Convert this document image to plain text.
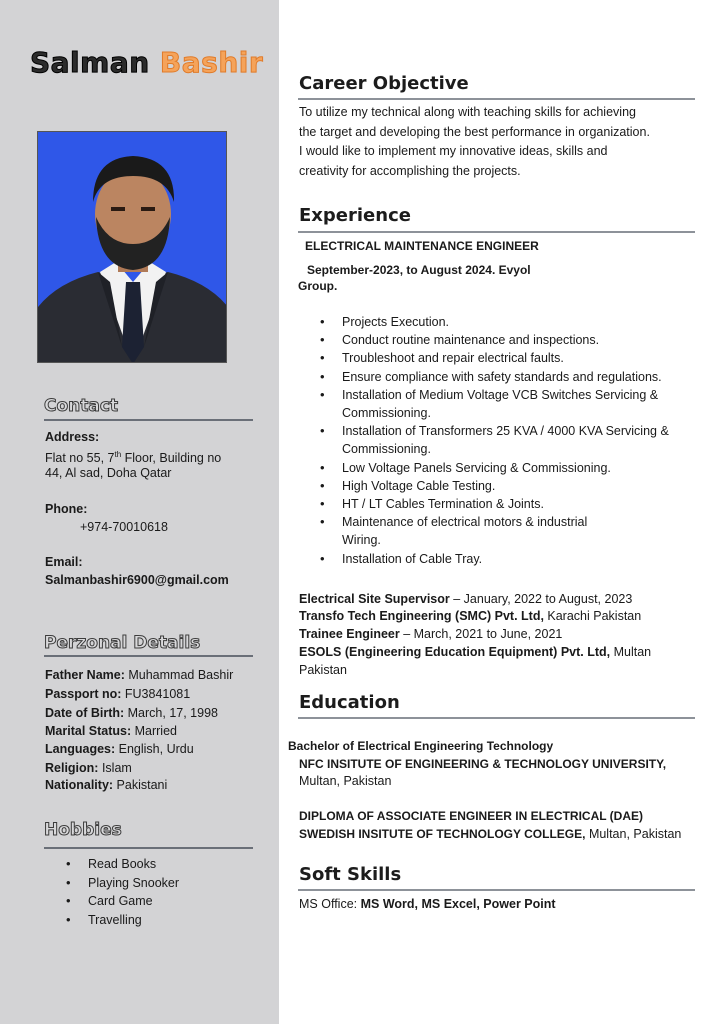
Salman Bashir
Contact
Address:
Flat no 55, 7th Floor, Building no
44, Al sad, Doha Qatar
Phone:
+974-70010618
Email:
Salmanbashir6900@gmail.com
Perzonal Details
Father Name: Muhammad Bashir
Passport no: FU3841081
Date of Birth: March, 17, 1998
Marital Status: Married
Languages: English, Urdu
Religion: Islam
Nationality: Pakistani
Hobbies
• Read Books
• Playing Snooker
• Card Game
• Travelling
Career Objective
To utilize my technical along with teaching skills for achieving
the target and developing the best performance in organization.
I would like to implement my innovative ideas, skills and
creativity for accomplishing the projects.
Experience
ELECTRICAL MAINTENANCE ENGINEER
September-2023, to August 2024. Evyol
Group.
• Projects Execution.
• Conduct routine maintenance and inspections.
• Troubleshoot and repair electrical faults.
• Ensure compliance with safety standards and regulations.
• Installation of Medium Voltage VCB Switches Servicing & Commissioning.
• Installation of Transformers 25 KVA / 4000 KVA Servicing & Commissioning.
• Low Voltage Panels Servicing & Commissioning.
• High Voltage Cable Testing.
• HT / LT Cables Termination & Joints.
• Maintenance of electrical motors & industrial Wiring.
• Installation of Cable Tray.
Electrical Site Supervisor – January, 2022 to August, 2023
Transfo Tech Engineering (SMC) Pvt. Ltd, Karachi Pakistan
Trainee Engineer – March, 2021 to June, 2021
ESOLS (Engineering Education Equipment) Pvt. Ltd, Multan
Pakistan
Education
Bachelor of Electrical Engineering Technology
NFC INSITUTE OF ENGINEERING & TECHNOLOGY UNIVERSITY,
Multan, Pakistan
DIPLOMA OF ASSOCIATE ENGINEER IN ELECTRICAL (DAE)
SWEDISH INSITUTE OF TECHNOLOGY COLLEGE, Multan, Pakistan
Soft Skills
MS Office: MS Word, MS Excel, Power Point
